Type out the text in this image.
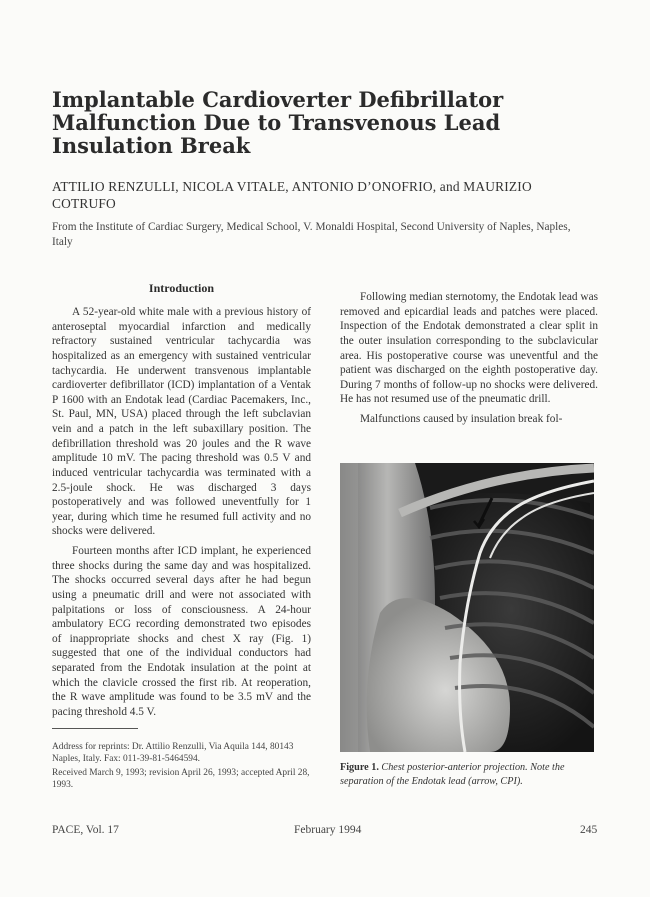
Implantable Cardioverter Defibrillator Malfunction Due to Transvenous Lead Insulation Break
ATTILIO RENZULLI, NICOLA VITALE, ANTONIO D’ONOFRIO, and MAURIZIO COTRUFO
From the Institute of Cardiac Surgery, Medical School, V. Monaldi Hospital, Second University of Naples, Naples, Italy
Introduction

A 52-year-old white male with a previous history of anteroseptal myocardial infarction and medically refractory sustained ventricular tachycardia was hospitalized as an emergency with sustained ventricular tachycardia. He underwent transvenous implantable cardioverter defibrillator (ICD) implantation of a Ventak P 1600 with an Endotak lead (Cardiac Pacemakers, Inc., St. Paul, MN, USA) placed through the left subclavian vein and a patch in the left subaxillary position. The defibrillation threshold was 20 joules and the R wave amplitude 10 mV. The pacing threshold was 0.5 V and induced ventricular tachycardia was terminated with a 2.5-joule shock. He was discharged 3 days postoperatively and was followed uneventfully for 1 year, during which time he resumed full activity and no shocks were delivered.

Fourteen months after ICD implant, he experienced three shocks during the same day and was hospitalized. The shocks occurred several days after he had begun using a pneumatic drill and were not associated with palpitations or loss of consciousness. A 24-hour ambulatory ECG recording demonstrated two episodes of inappropriate shocks and chest X ray (Fig. 1) suggested that one of the individual conductors had separated from the Endotak insulation at the point at which the clavicle crossed the first rib. At reoperation, the R wave amplitude was found to be 3.5 mV and the pacing threshold 4.5 V.

Following median sternotomy, the Endotak lead was removed and epicardial leads and patches were placed. Inspection of the Endotak demonstrated a clear split in the outer insulation corresponding to the subclavicular area. His postoperative course was uneventful and the patient was discharged on the eighth postoperative day. During 7 months of follow-up no shocks were delivered. He has not resumed use of the pneumatic drill.

Malfunctions caused by insulation break fol-

Address for reprints: Dr. Attilio Renzulli, Via Aquila 144, 80143 Naples, Italy. Fax: 011-39-81-5464594.
Received March 9, 1993; revision April 26, 1993; accepted April 28, 1993.
Figure 1. Chest posterior-anterior projection. Note the separation of the Endotak lead (arrow, CPI).
PACE, Vol. 17	February 1994	245
